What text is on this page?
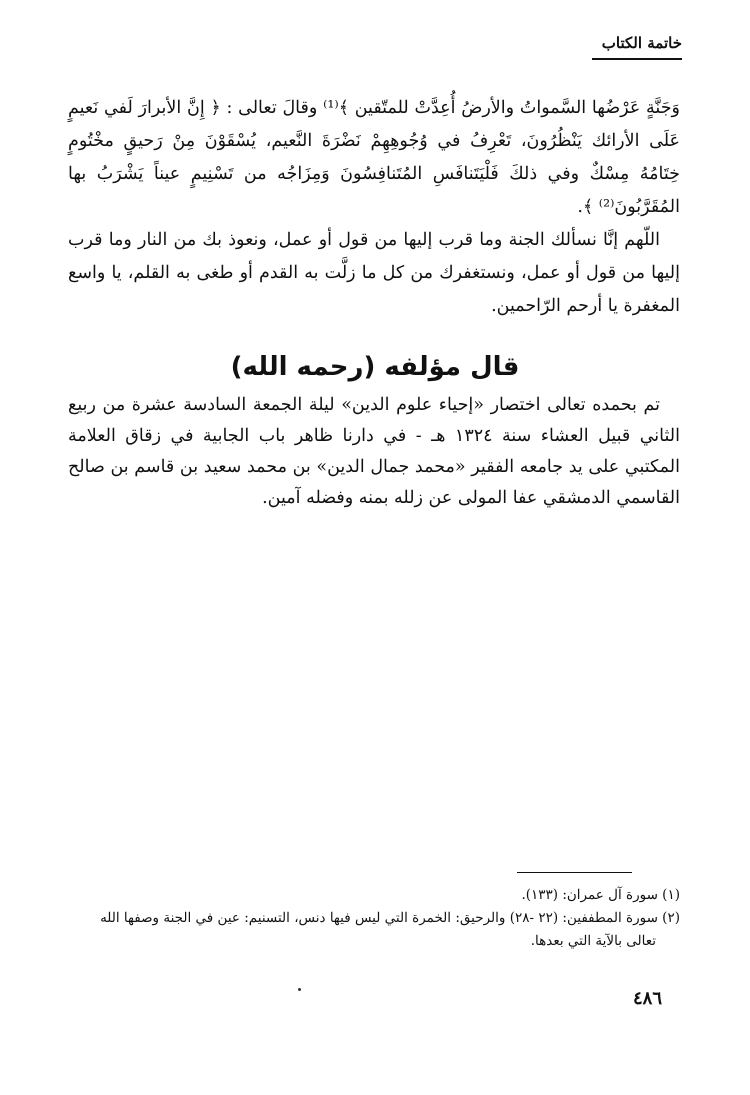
خاتمة الكتاب

وَجَنَّةٍ عَرْضُها السَّمواتُ والأرضُ أُعِدَّتْ للمتّقين ﴾⁽¹⁾ وقالَ تعالى : ﴿ إِنَّ الأبرارَ لَفي نَعيمٍ عَلَى الأرائك يَنْظُرُونَ، تَعْرِفُ في وُجُوهِهِمْ نَضْرَةَ النَّعيم، يُسْقَوْنَ مِنْ رَحيقٍ مخْتُومٍ خِتَامُهُ مِسْكٌ وفي ذلكَ فَلْيَتَنافَسِ المُتَنافِسُونَ وَمِزَاجُه من تَسْنِيمٍ عيناً يَشْرَبُ بها المُقَرَّبُونَ⁽²⁾ ﴾.

اللّهم إنَّا نسألك الجنة وما قرب إليها من قول أو عمل، ونعوذ بك من النار وما قرب إليها من قول أو عمل، ونستغفرك من كل ما زلَّت به القدم أو طغى به القلم، يا واسع المغفرة يا أرحم الرّاحمين.

قال مؤلفه (رحمه الله)

تم بحمده تعالى اختصار «إحياء علوم الدين» ليلة الجمعة السادسة عشرة من ربيع الثاني قبيل العشاء سنة ١٣٢٤ هـ - في دارنا ظاهر باب الجابية في زقاق العلامة المكتبي على يد جامعه الفقير «محمد جمال الدين» بن محمد سعيد بن قاسم بن صالح القاسمي الدمشقي عفا المولى عن زلله بمنه وفضله آمين.

(١) سورة آل عمران: (١٣٣).

(٢) سورة المطففين: (٢٢ -٢٨) والرحيق: الخمرة التي ليس فيها دنس، التسنيم: عين في الجنة وصفها الله

تعالى بالآية التي بعدها.

٤٨٦
